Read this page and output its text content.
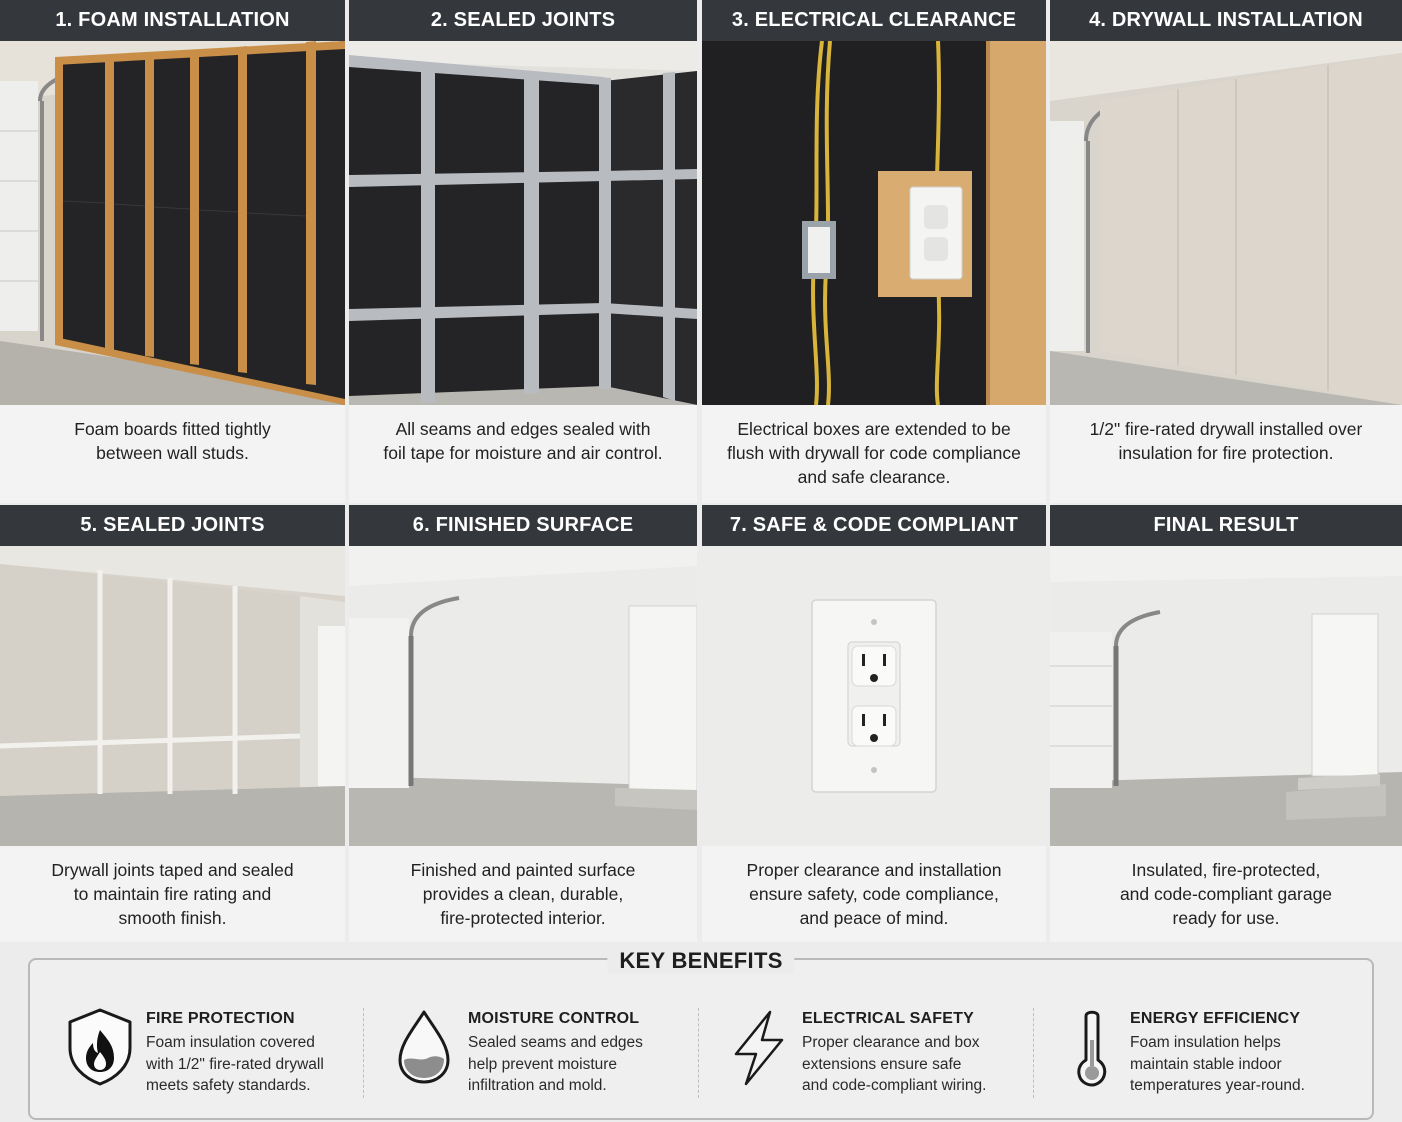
1. FOAM INSTALLATION
Foam boards fitted tightly
between wall studs.
2. SEALED JOINTS
All seams and edges sealed with
foil tape for moisture and air control.
3. ELECTRICAL CLEARANCE
Electrical boxes are extended to be
flush with drywall for code compliance
and safe clearance.
4. DRYWALL INSTALLATION
1/2" fire-rated drywall installed over
insulation for fire protection.
5. SEALED JOINTS
Drywall joints taped and sealed
to maintain fire rating and
smooth finish.
6. FINISHED SURFACE
Finished and painted surface
provides a clean, durable,
fire-protected interior.
7. SAFE & CODE COMPLIANT
Proper clearance and installation
ensure safety, code compliance,
and peace of mind.
FINAL RESULT
Insulated, fire-protected,
and code-compliant garage
ready for use.
KEY BENEFITS
FIRE PROTECTION
Foam insulation covered
with 1/2" fire-rated drywall
meets safety standards.
MOISTURE CONTROL
Sealed seams and edges
help prevent moisture
infiltration and mold.
ELECTRICAL SAFETY
Proper clearance and box
extensions ensure safe
and code-compliant wiring.
ENERGY EFFICIENCY
Foam insulation helps
maintain stable indoor
temperatures year-round.
